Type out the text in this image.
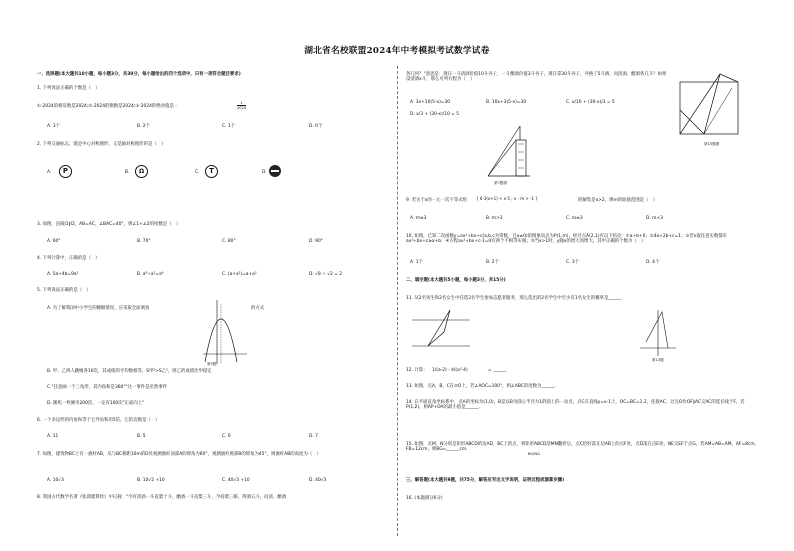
湖北省名校联盟2024年中考模拟考试数学试卷
一、选择题(本大题共10小题，每小题3分，共30分，每小题给出的四个选项中，只有一项符合题目要求)
1. 下列说法正确的个数是（　）
①-2024的相反数是2024;②-2024的倒数是2024;③-2024的绝对值是 -
1
2024
A. 3个	B. 2个	C. 1个	D. 0个
2. 下列交通标志，既是中心对称图形，又是轴对称图形的是（　）
A.	P	B.	Ω	C.	T	D.
3. 如图，直线l1∥l2，AB=AC，∠BAC=40°，则∠1+∠2的度数是（　）
A. 60°	B. 70°	C. 80°	D. 90°
4. 下列计算中，正确的是（　）
A. 5a+4b=9a²	B. a⁸÷a²=a⁴	C. (a+a²)=a+a²	D. √8 ÷ √2 = 2
5. 下列说法正确的是（　）
A. 为了解我国中小学生的睡眠情况，应采取全面调查	的方式
第5题
B. 甲、乙两人跳绳各10次，其成绩的平均数相等，S甲²>S乙²，则乙的成绩比甲稳定
C."任意画一个三角形，其内角和是360°"这一事件是必然事件
D. 随机一枚硬币200次，一定有100次"正面向上"
6. 一个多边形的内角和等于它外角和的5倍，它的边数是（　）
A. 11	B. 5	C. 6	D. 7
7. 如图，建筑物BC上有一旗杆AB，从与BC相距10m的D处观测旗杆顶部A的仰角为60°，观测旗杆底部B的仰角为45°，则旗杆AB的高度为（　）
A. 10√3	B. 10√2 +10	C. 40√3 +10	D. 40√3
8. 我国古代数学名著《张邱建算经》中记载："今有清酒一斗直粟十斗，醑酒一斗直粟三斗，今持粟三斛，得酒五斗，问清、醑酒
各几何？"意思是：现在一斗清酒价值10斗谷子，一斗醑酒价值3斗谷子，现在拿30斗谷子，共换了5斗酒，问清酒、醑酒各几斗？如果设清酒x斗，那么可列方程为（　）
A. 3x+10(5-x)=30	B. 10x+3(5-x)=30	C. x/10 + (30-x)/3 = 5
D. x/3 + (30-x)/10 = 5
第15题图
第7题图
9. 若关于x的一元一次不等式组 { 6-3(x+1) < x-5 ; x - m > -1 }	的解集是x>2，则m的取值范围是（　）
A. m≥3	B. m>3	C. m≤3	D. m<3
10. 如图，已知二次函数y=ax²+bx+c(a,b,c为常数，且a≠0)的图象顶点为P(1,m)，经过点A(2,1)有以下结论：①a+b+0；②4a+2b+c=1；③若x取任意实数都有ax²+bx+c≥a+b；④方程ax²+bx+c-1=0有两个不相等实根；⑤当x>1时，y随x的增大而增大，其中正确的个数为（　）
A. 1个	B. 2个	C. 3个	D. 4个
二、填空题(本大题共5小题，每小题3分，共15分)
11. 从2名男生和2名女生中任选2名学生参加志愿者服务，那么选出的2名学生中至少有1名女生的概率是______.
第13题
12. 计算： 1/(a-2) - 4/(a²-4)	= ______
13. 如图，点A，B，C在⊙O上，若∠AOC=100°，则∠ABC的度数为______.
14. 在平面直角坐标系中，点A的坐标为(1,0)，B是以B为圆心半径为1的圆上的一动点，点C在直线y=x-1上，OC=BC=1.2，连接AC，过点O作OF∥AC交AC的延长线于F，若P(1,2)，则AP+OA的最小值是______.
15. 如图，点M，N分别是矩形ABCD的边AD，BC上的点，将矩形ABCD沿MN翻折后，点C恰好落在边AB上的点F处，点D落在点E处，NE交EF于点G，若AM=AB=AM，AF=8cm，FB=12cm，则BG=______cm.
BG/NG
三、解答题(本大题共9题，共75分，解答应写出文字说明，证明过程或演算步骤)
16. (本题满分6分)
